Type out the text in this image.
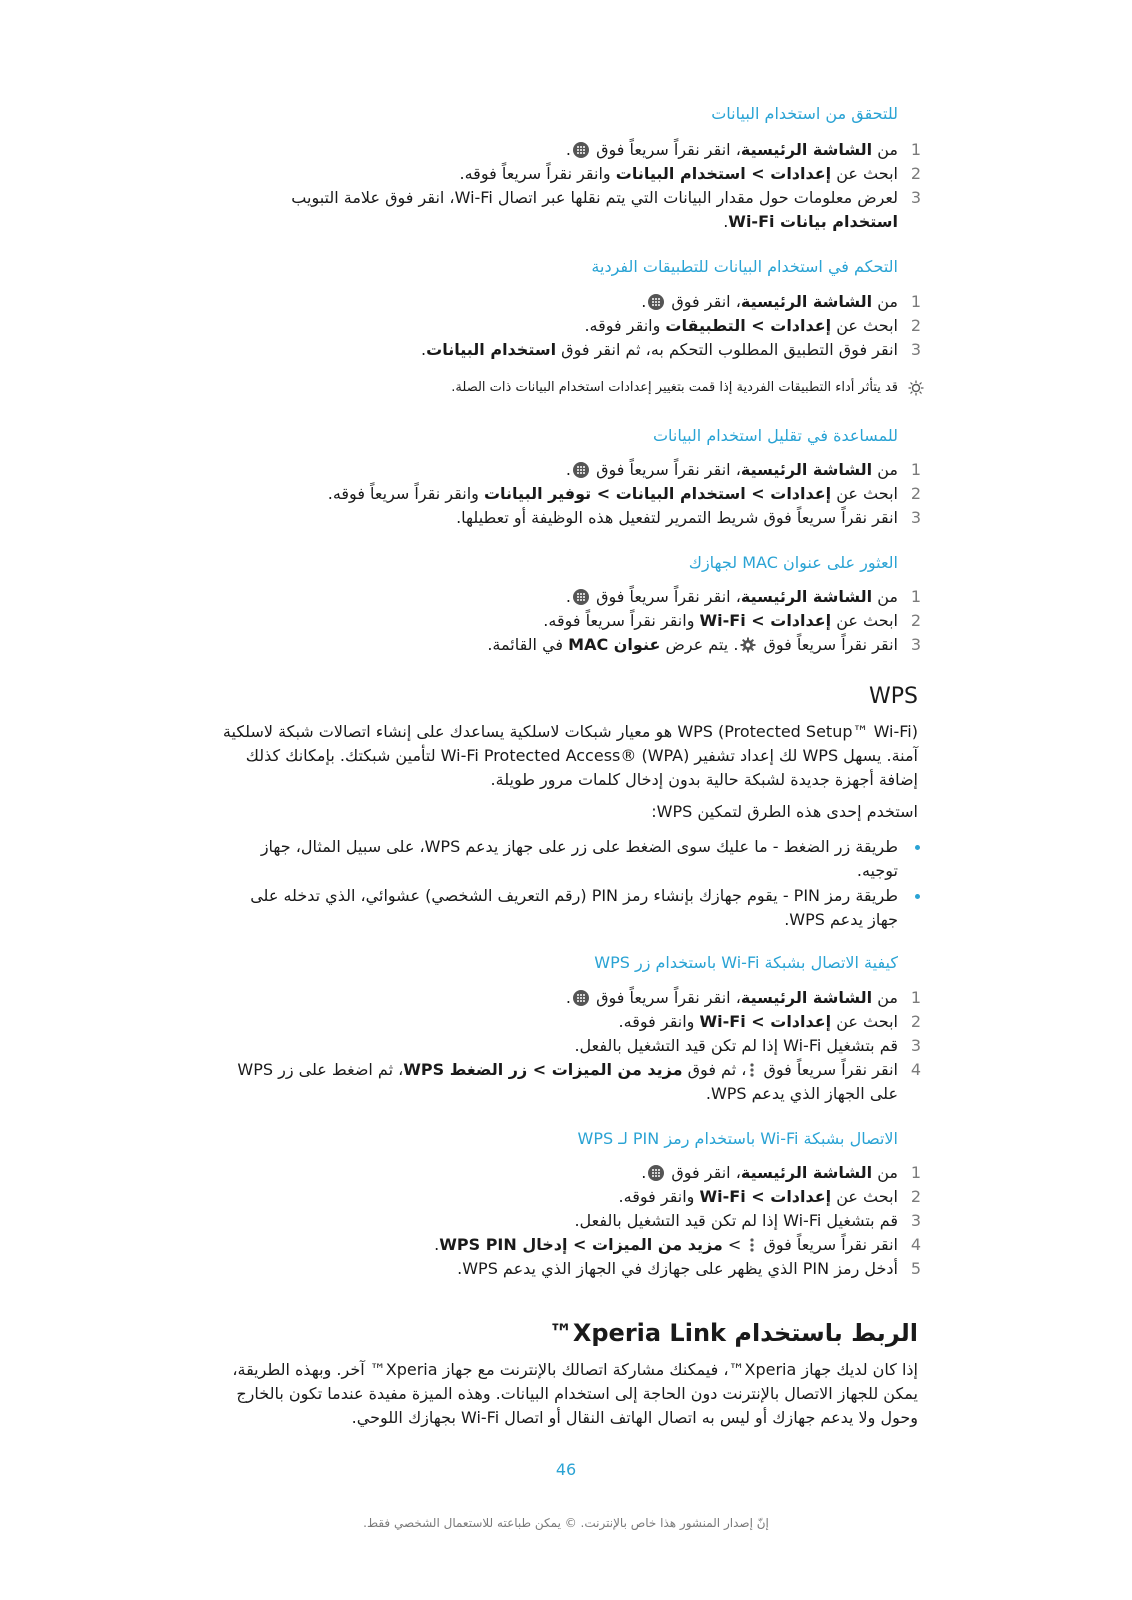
للتحقق من استخدام البيانات
1
من الشاشة الرئيسية، انقر نقراً سريعاً فوق .
2
ابحث عن إعدادات > استخدام البيانات وانقر نقراً سريعاً فوقه.
3
لعرض معلومات حول مقدار البيانات التي يتم نقلها عبر اتصال Wi-Fi، انقر فوق علامة التبويب
استخدام بيانات Wi-Fi.
التحكم في استخدام البيانات للتطبيقات الفردية
1
من الشاشة الرئيسية، انقر فوق .
2
ابحث عن إعدادات > التطبيقات وانقر فوقه.
3
انقر فوق التطبيق المطلوب التحكم به، ثم انقر فوق استخدام البيانات.
قد يتأثر أداء التطبيقات الفردية إذا قمت بتغيير إعدادات استخدام البيانات ذات الصلة.
للمساعدة في تقليل استخدام البيانات
1
من الشاشة الرئيسية، انقر نقراً سريعاً فوق .
2
ابحث عن إعدادات > استخدام البيانات > توفير البيانات وانقر نقراً سريعاً فوقه.
3
انقر نقراً سريعاً فوق شريط التمرير لتفعيل هذه الوظيفة أو تعطيلها.
العثور على عنوان MAC لجهازك
1
من الشاشة الرئيسية، انقر نقراً سريعاً فوق .
2
ابحث عن إعدادات > Wi-Fi وانقر نقراً سريعاً فوقه.
3
انقر نقراً سريعاً فوق . يتم عرض عنوان MAC في القائمة.
WPS
WPS (Protected Setup™ Wi-Fi) هو معيار شبكات لاسلكية يساعدك على إنشاء اتصالات شبكة لاسلكية آمنة. يسهل WPS لك إعداد تشفير Wi-Fi Protected Access® (WPA) لتأمين شبكتك. بإمكانك كذلك إضافة أجهزة جديدة لشبكة حالية بدون إدخال كلمات مرور طويلة.
استخدم إحدى هذه الطرق لتمكين WPS:
طريقة زر الضغط - ما عليك سوى الضغط على زر على جهاز يدعم WPS، على سبيل المثال، جهاز توجيه.
طريقة رمز PIN - يقوم جهازك بإنشاء رمز PIN (رقم التعريف الشخصي) عشوائي، الذي تدخله على جهاز يدعم WPS.
كيفية الاتصال بشبكة Wi-Fi باستخدام زر WPS
1
من الشاشة الرئيسية، انقر نقراً سريعاً فوق .
2
ابحث عن إعدادات > Wi-Fi وانقر فوقه.
3
قم بتشغيل Wi-Fi إذا لم تكن قيد التشغيل بالفعل.
4
انقر نقراً سريعاً فوق ، ثم فوق مزيد من الميزات > زر الضغط WPS، ثم اضغط على زر WPS على الجهاز الذي يدعم WPS.
الاتصال بشبكة Wi-Fi باستخدام رمز PIN لـ WPS
1
من الشاشة الرئيسية، انقر فوق .
2
ابحث عن إعدادات > Wi-Fi وانقر فوقه.
3
قم بتشغيل Wi-Fi إذا لم تكن قيد التشغيل بالفعل.
4
انقر نقراً سريعاً فوق  > مزيد من الميزات > إدخال WPS PIN.
5
أدخل رمز PIN الذي يظهر على جهازك في الجهاز الذي يدعم WPS.
الربط باستخدام Xperia Link™
إذا كان لديك جهاز Xperia™، فيمكنك مشاركة اتصالك بالإنترنت مع جهاز Xperia™ آخر. وبهذه الطريقة، يمكن للجهاز الاتصال بالإنترنت دون الحاجة إلى استخدام البيانات. وهذه الميزة مفيدة عندما تكون بالخارج وحول ولا يدعم جهازك أو ليس به اتصال الهاتف النقال أو اتصال Wi-Fi بجهازك اللوحي.
46
إنّ إصدار المنشور هذا خاص بالإنترنت. © يمكن طباعته للاستعمال الشخصي فقط.
